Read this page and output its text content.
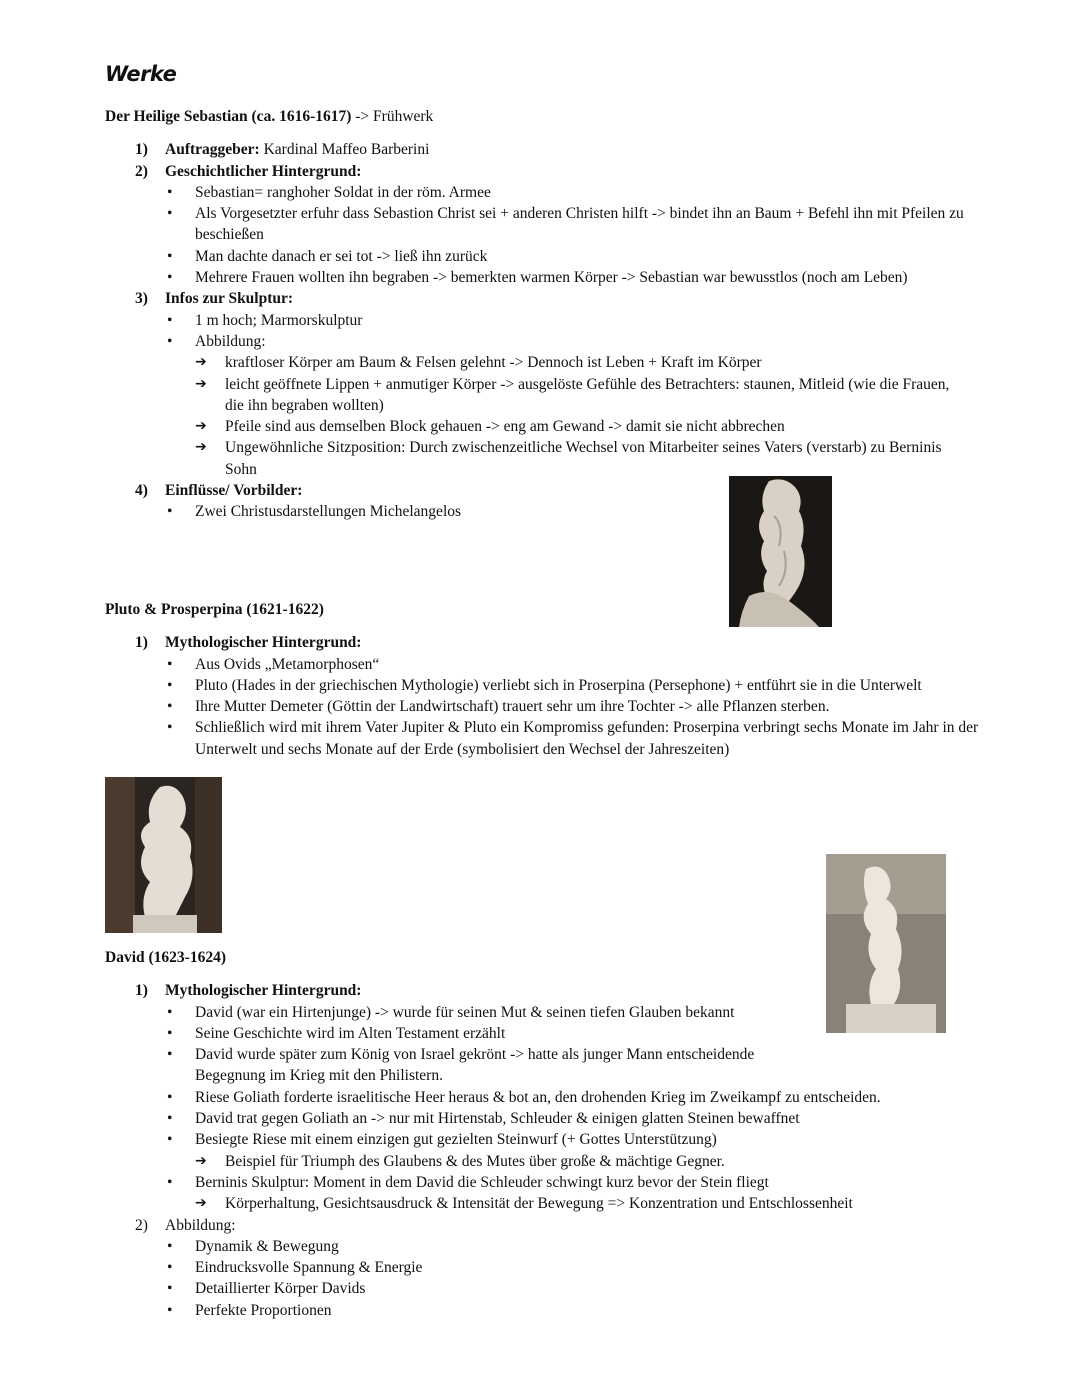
Werke
Der Heilige Sebastian (ca. 1616-1617) -> Frühwerk
1)	Auftraggeber: Kardinal Maffeo Barberini
2)	Geschichtlicher Hintergrund:
• Sebastian= ranghoher Soldat in der röm. Armee
• Als Vorgesetzter erfuhr dass Sebastion Christ sei + anderen Christen hilft -> bindet ihn an Baum + Befehl ihn mit Pfeilen zu beschießen
• Man dachte danach er sei tot -> ließ ihn zurück
• Mehrere Frauen wollten ihn begraben -> bemerkten warmen Körper -> Sebastian war bewusstlos (noch am Leben)
3)	Infos zur Skulptur:
• 1 m hoch; Marmorskulptur
• Abbildung:
➔ kraftloser Körper am Baum & Felsen gelehnt -> Dennoch ist Leben + Kraft im Körper
➔ leicht geöffnete Lippen + anmutiger Körper -> ausgelöste Gefühle des Betrachters: staunen, Mitleid (wie die Frauen, die ihn begraben wollten)
➔ Pfeile sind aus demselben Block gehauen -> eng am Gewand -> damit sie nicht abbrechen
➔ Ungewöhnliche Sitzposition: Durch zwischenzeitliche Wechsel von Mitarbeiter seines Vaters (verstarb) zu Berninis Sohn
4)	Einflüsse/ Vorbilder:
• Zwei Christusdarstellungen Michelangelos
Pluto & Prosperpina (1621-1622)
1)	Mythologischer Hintergrund:
• Aus Ovids „Metamorphosen“
• Pluto (Hades in der griechischen Mythologie) verliebt sich in Proserpina (Persephone) + entführt sie in die Unterwelt
• Ihre Mutter Demeter (Göttin der Landwirtschaft) trauert sehr um ihre Tochter -> alle Pflanzen sterben.
• Schließlich wird mit ihrem Vater Jupiter & Pluto ein Kompromiss gefunden: Proserpina verbringt sechs Monate im Jahr in der Unterwelt und sechs Monate auf der Erde (symbolisiert den Wechsel der Jahreszeiten)
David (1623-1624)
1)	Mythologischer Hintergrund:
• David (war ein Hirtenjunge) -> wurde für seinen Mut & seinen tiefen Glauben bekannt
• Seine Geschichte wird im Alten Testament erzählt
• David wurde später zum König von Israel gekrönt -> hatte als junger Mann entscheidende Begegnung im Krieg mit den Philistern.
• Riese Goliath forderte israelitische Heer heraus & bot an, den drohenden Krieg im Zweikampf zu entscheiden.
• David trat gegen Goliath an -> nur mit Hirtenstab, Schleuder & einigen glatten Steinen bewaffnet
• Besiegte Riese mit einem einzigen gut gezielten Steinwurf (+ Gottes Unterstützung)
➔ Beispiel für Triumph des Glaubens & des Mutes über große & mächtige Gegner.
• Berninis Skulptur: Moment in dem David die Schleuder schwingt kurz bevor der Stein fliegt
➔ Körperhaltung, Gesichtsausdruck & Intensität der Bewegung => Konzentration und Entschlossenheit
2)	Abbildung:
• Dynamik & Bewegung
• Eindrucksvolle Spannung & Energie
• Detaillierter Körper Davids
• Perfekte Proportionen
